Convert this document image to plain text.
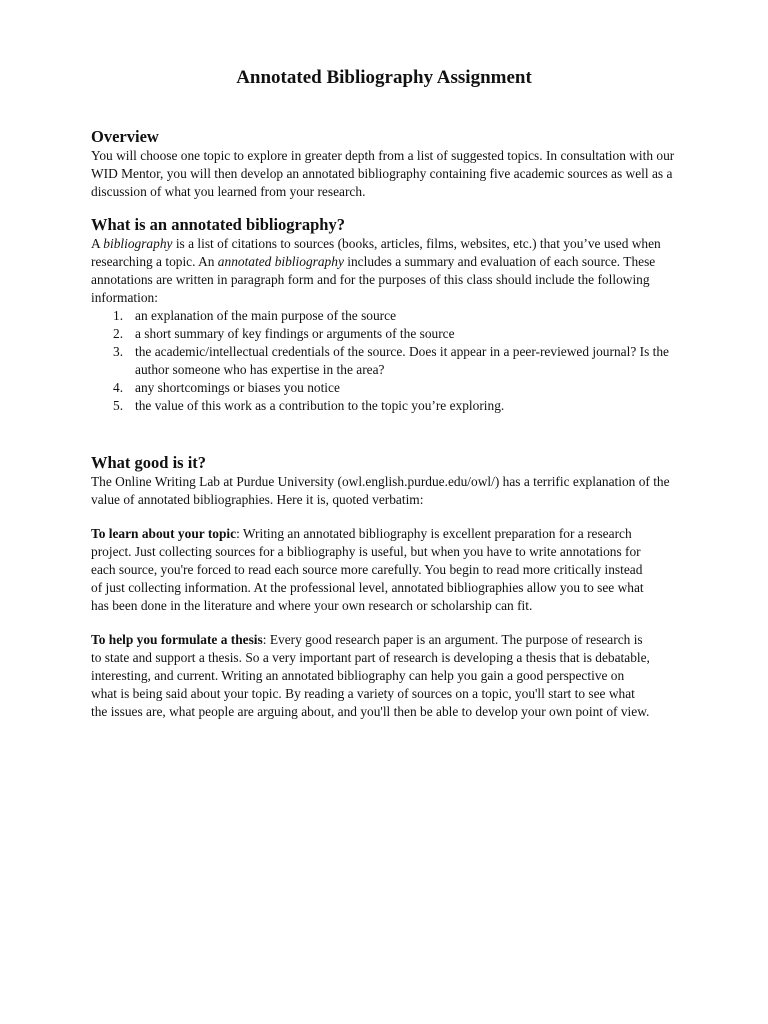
Annotated Bibliography Assignment
Overview

You will choose one topic to explore in greater depth from a list of suggested topics. In consultation with our WID Mentor, you will then develop an annotated bibliography containing five academic sources as well as a discussion of what you learned from your research.

What is an annotated bibliography?

A bibliography is a list of citations to sources (books, articles, films, websites, etc.) that you’ve used when researching a topic. An annotated bibliography includes a summary and evaluation of each source. These annotations are written in paragraph form and for the purposes of this class should include the following information:

1. an explanation of the main purpose of the source
2. a short summary of key findings or arguments of the source
3. the academic/intellectual credentials of the source. Does it appear in a peer-reviewed journal? Is the author someone who has expertise in the area?
4. any shortcomings or biases you notice
5. the value of this work as a contribution to the topic you’re exploring.
What good is it?

The Online Writing Lab at Purdue University (owl.english.purdue.edu/owl/) has a terrific explanation of the value of annotated bibliographies. Here it is, quoted verbatim:

To learn about your topic: Writing an annotated bibliography is excellent preparation for a research project. Just collecting sources for a bibliography is useful, but when you have to write annotations for each source, you're forced to read each source more carefully. You begin to read more critically instead of just collecting information. At the professional level, annotated bibliographies allow you to see what has been done in the literature and where your own research or scholarship can fit.

To help you formulate a thesis: Every good research paper is an argument. The purpose of research is to state and support a thesis. So a very important part of research is developing a thesis that is debatable, interesting, and current. Writing an annotated bibliography can help you gain a good perspective on what is being said about your topic. By reading a variety of sources on a topic, you'll start to see what the issues are, what people are arguing about, and you'll then be able to develop your own point of view.
